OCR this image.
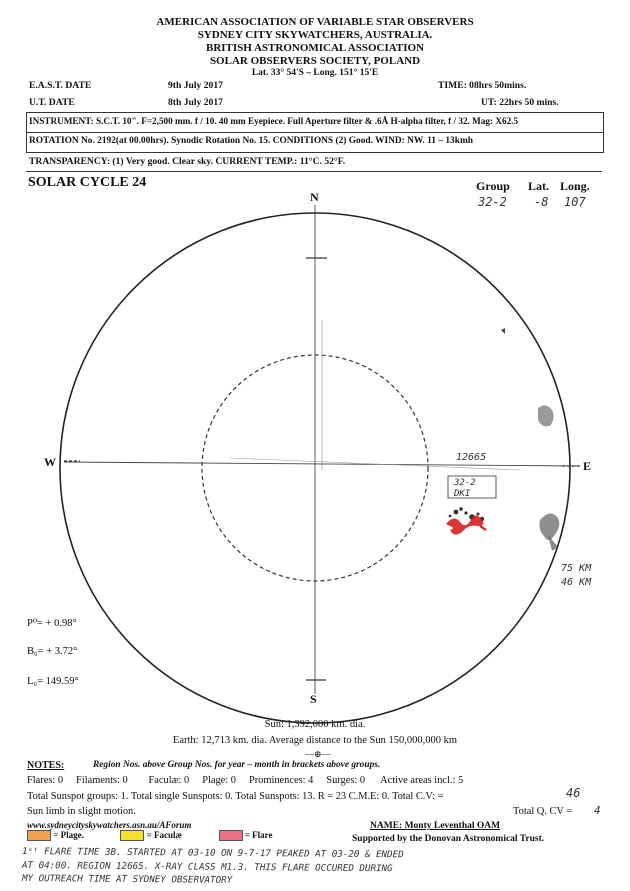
AMERICAN ASSOCIATION OF VARIABLE STAR OBSERVERS
SYDNEY CITY SKYWATCHERS, AUSTRALIA.
BRITISH ASTRONOMICAL ASSOCIATION
SOLAR OBSERVERS SOCIETY, POLAND
Lat. 33° 54'S – Long. 151° 15'E
E.A.S.T. DATE	9th July 2017	TIME: 08hrs 50mins.
U.T. DATE	8th July 2017	UT: 22hrs 50 mins.
INSTRUMENT: S.C.T. 10". F=2,500 mm. f / 10. 40 mm Eyepiece. Full Aperture filter & .6Å H-alpha filter, f / 32. Mag: X62.5
ROTATION No. 2192(at 00.00hrs). Synodic Rotation No. 15. CONDITIONS (2) Good. WIND: NW. 11 – 13kmh
TRANSPARENCY: (1) Very good. Clear sky. CURRENT TEMP.: 11°C. 52°F.
SOLAR CYCLE 24	Group Lat. Long.
32-2 -8 107
N
S
W	E
12665
32-2
DKI
75 KM
46 KM
P⁰= + 0.98°
B₀= + 3.72°
L₀= 149.59°
Sun: 1,392,000 km. dia.
Earth: 12,713 km. dia. Average distance to the Sun 150,000,000 km
—⊕—
NOTES:	Region Nos. above Group Nos. for year – month in brackets above groups.
Flares: 0     Filaments: 0        Faculæ: 0     Plage: 0     Prominences: 4     Surges: 0      Active areas incl.: 5
Total Sunspot groups: 1. Total single Sunspots: 0. Total Sunspots: 13. R = 23 C.M.E: 0. Total C.V: =	46
Sun limb in slight motion.	Total Q. CV = 4
www.sydneycityskywatchers.asn.au/AForum	NAME: Monty Leventhal OAM
Supported by the Donovan Astronomical Trust.
= Plage.	= Faculæ	= Flare
1ˢᵗ FLARE TIME 3B. STARTED AT 03-10 ON 9-7-17 PEAKED AT 03-20 & ENDED
AT 04:00. REGION 12665. X-RAY CLASS M1.3. THIS FLARE OCCURED DURING
MY OUTREACH TIME AT SYDNEY OBSERVATORY
